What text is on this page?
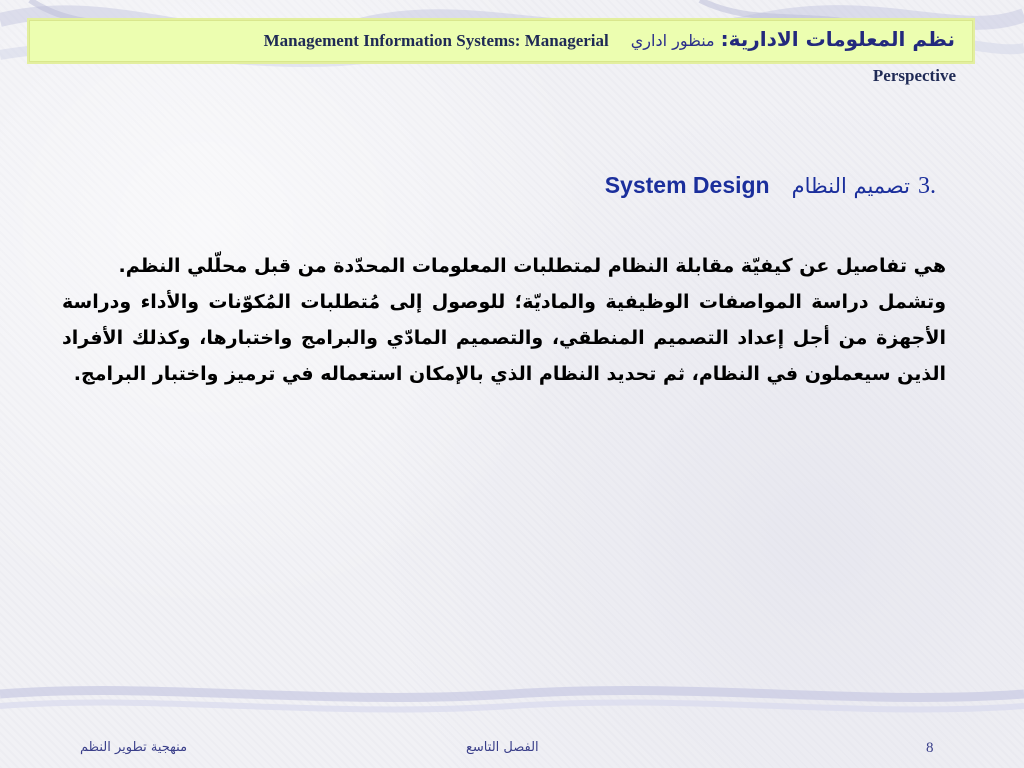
Management Information Systems: Managerial منظور اداري نظم المعلومات الادارية:
Perspective
System Design تصميم النظام 3.

هي تفاصيل عن كيفيّة مقابلة النظام لمتطلبات المعلومات المحدّدة من قبل محلّلي النظم.

وتشمل دراسة المواصفات الوظيفية والماديّة؛ للوصول إلى مُتطلبات المُكوّنات والأداء ودراسة الأجهزة من أجل إعداد التصميم المنطقي، والتصميم المادّي والبرامج واختبارها، وكذلك الأفراد الذين سيعملون في النظام، ثم تحديد النظام الذي بالإمكان استعماله في ترميز واختبار البرامج.

منهجية تطوير النظم	الفصل التاسع	8
